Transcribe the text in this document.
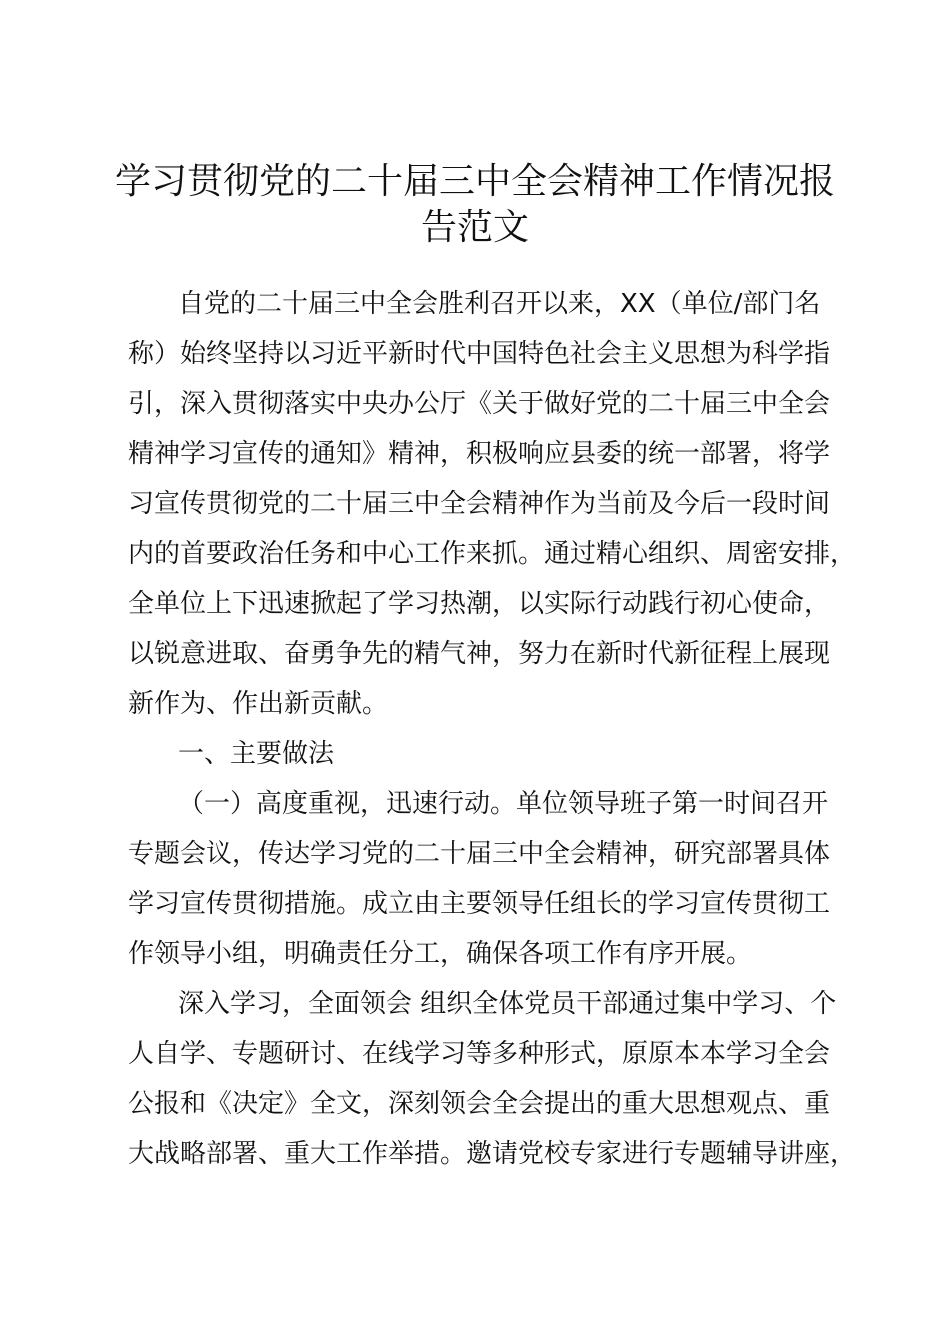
学习贯彻党的二十届三中全会精神工作情况报
告范文
自党的二十届三中全会胜利召开以来，XX（单位/部门名
称）始终坚持以习近平新时代中国特色社会主义思想为科学指
引，深入贯彻落实中央办公厅《关于做好党的二十届三中全会
精神学习宣传的通知》精神，积极响应县委的统一部署，将学
习宣传贯彻党的二十届三中全会精神作为当前及今后一段时间
内的首要政治任务和中心工作来抓。通过精心组织、周密安排，
全单位上下迅速掀起了学习热潮，以实际行动践行初心使命，
以锐意进取、奋勇争先的精气神，努力在新时代新征程上展现
新作为、作出新贡献。
一、主要做法
（一）高度重视，迅速行动。单位领导班子第一时间召开
专题会议，传达学习党的二十届三中全会精神，研究部署具体
学习宣传贯彻措施。成立由主要领导任组长的学习宣传贯彻工
作领导小组，明确责任分工，确保各项工作有序开展。
深入学习，全面领会 组织全体党员干部通过集中学习、个
人自学、专题研讨、在线学习等多种形式，原原本本学习全会
公报和《决定》全文，深刻领会全会提出的重大思想观点、重
大战略部署、重大工作举措。邀请党校专家进行专题辅导讲座，
